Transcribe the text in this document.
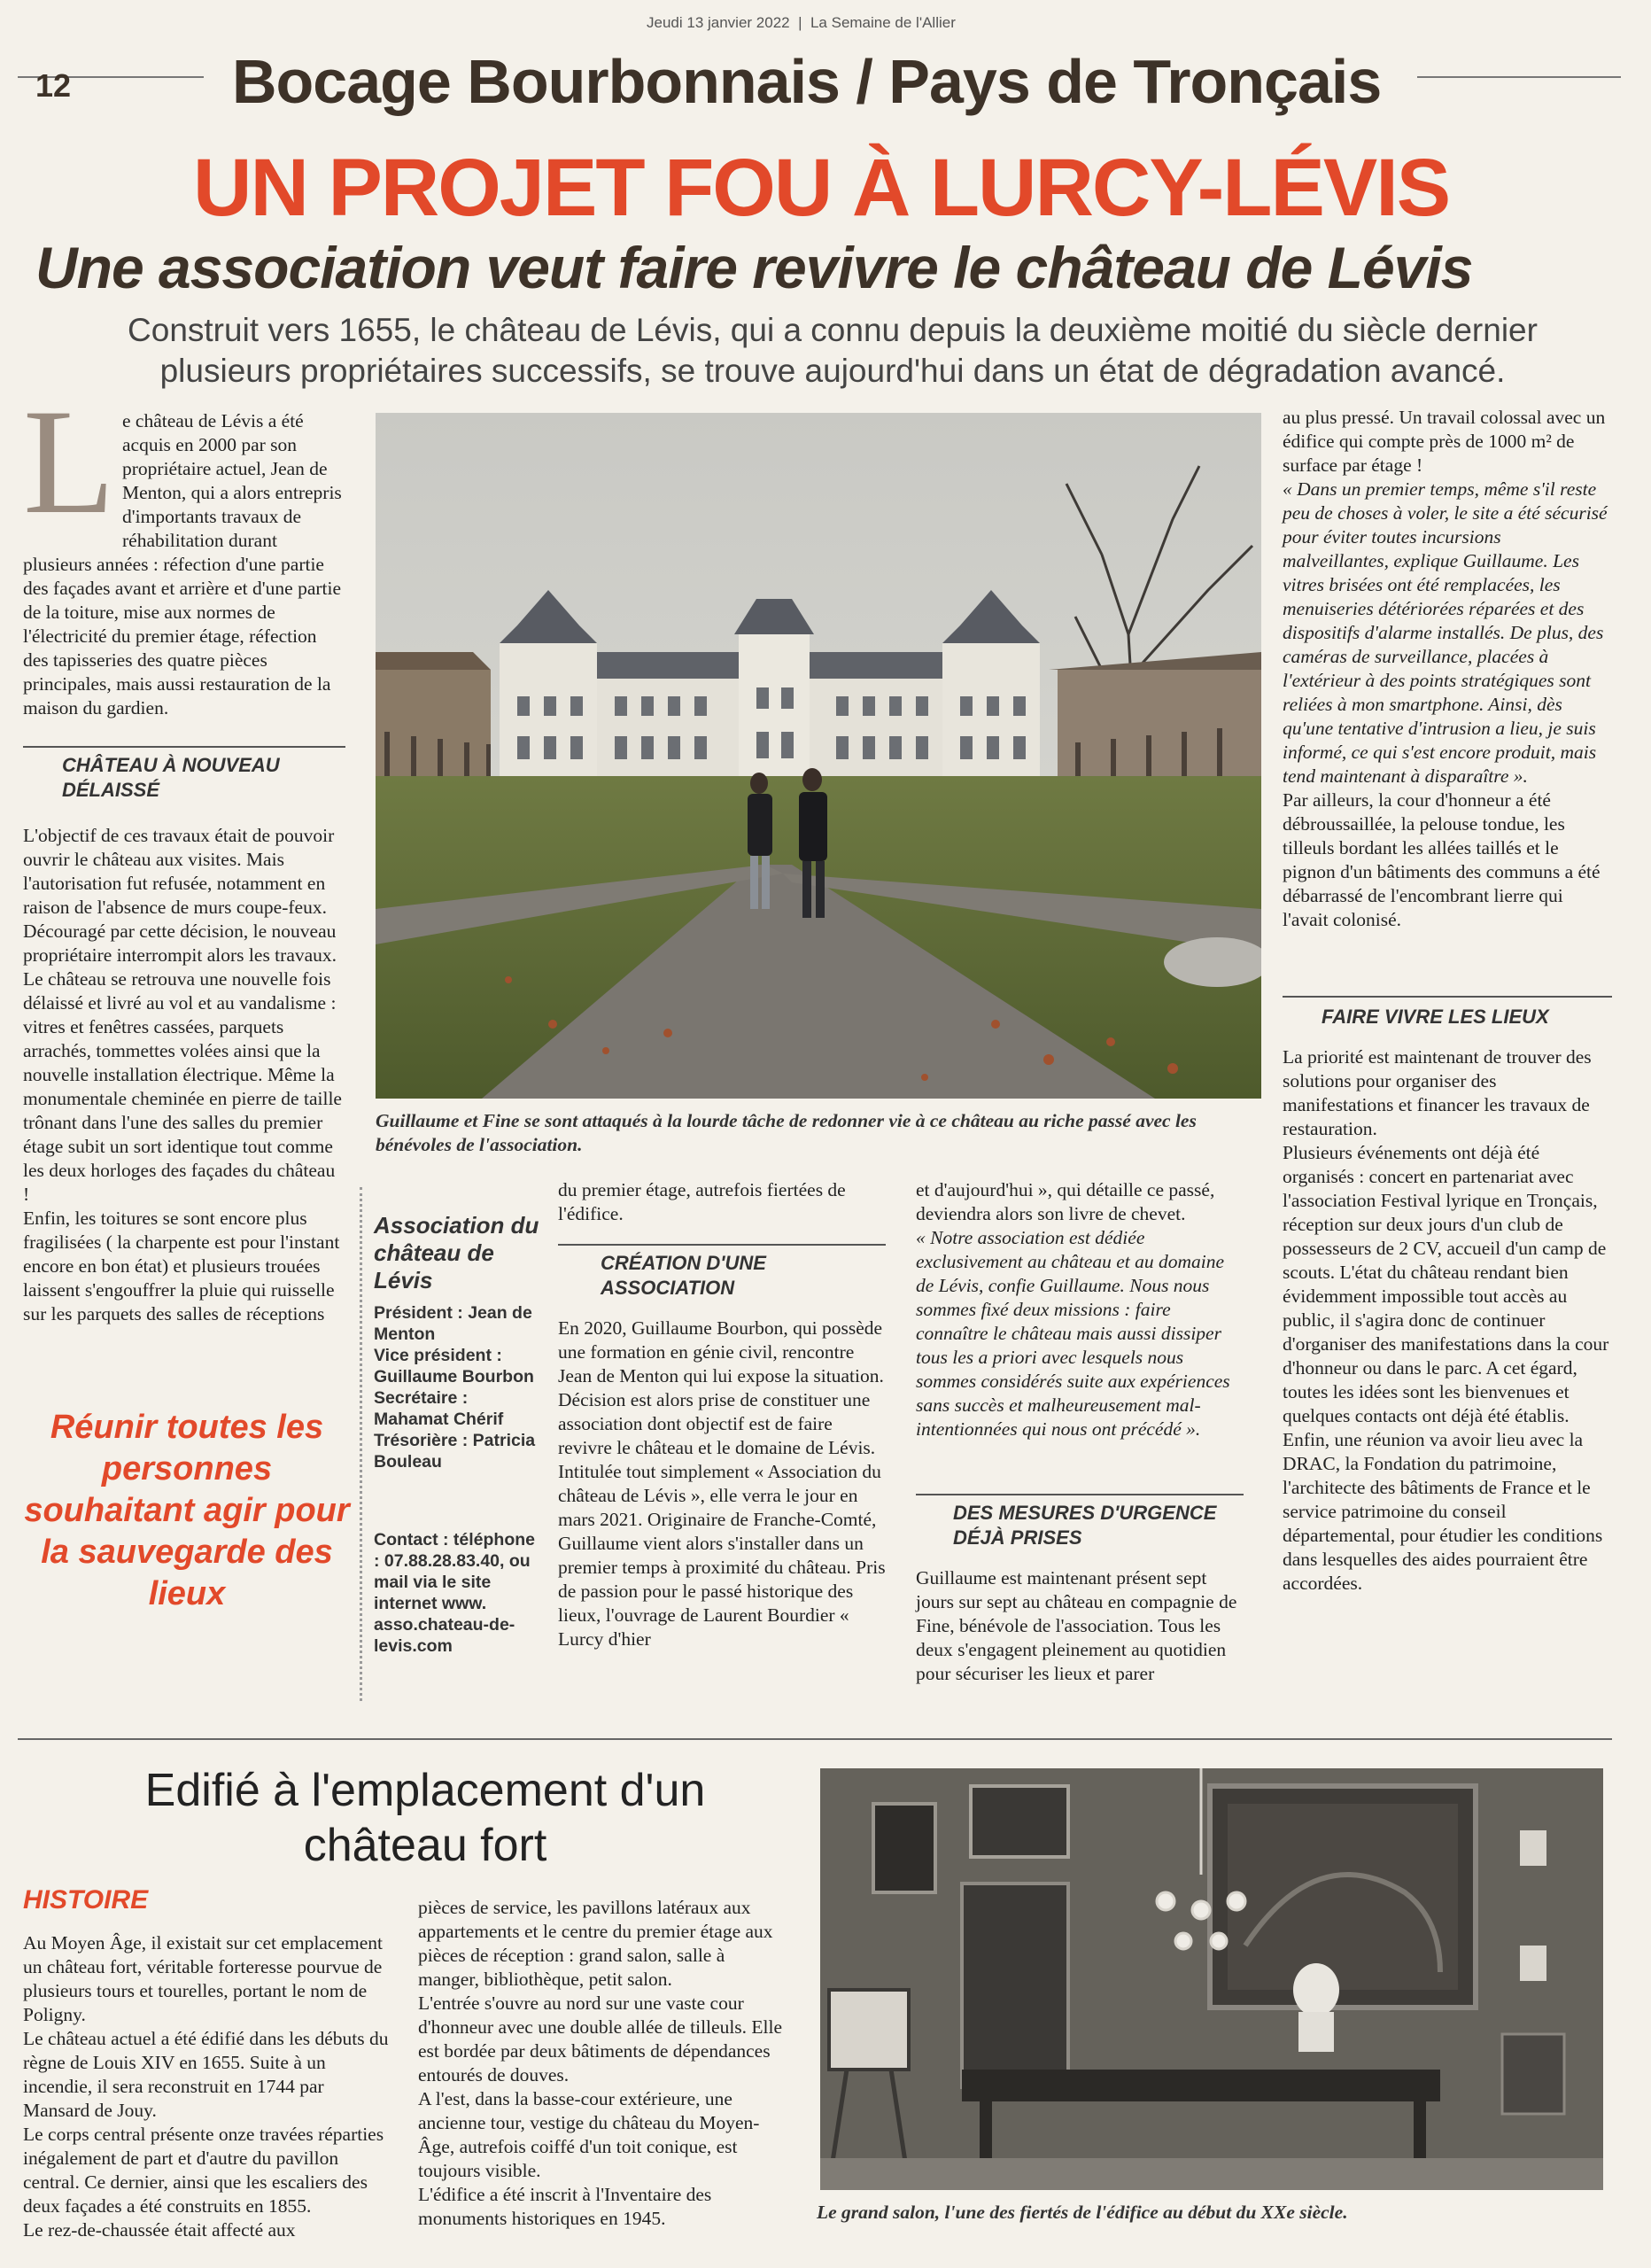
Jeudi 13 janvier 2022  |  La Semaine de l'Allier
12	Bocage Bourbonnais / Pays de Tronçais
UN PROJET FOU À LURCY-LÉVIS
Une association veut faire revivre le château de Lévis
Construit vers 1655, le château de Lévis, qui a connu depuis la deuxième moitié du siècle dernier plusieurs propriétaires successifs, se trouve aujourd'hui dans un état de dégradation avancé.
L e château de Lévis a été acquis en 2000 par son propriétaire actuel, Jean de Menton, qui a alors entrepris d'importants travaux de réhabilitation durant plusieurs années : réfection d'une partie des façades avant et arrière et d'une partie de la toiture, mise aux normes de l'électricité du premier étage, réfection des tapisseries des quatre pièces principales, mais aussi restauration de la maison du gardien.

CHÂTEAU À NOUVEAU DÉLAISSÉ

L'objectif de ces travaux était de pouvoir ouvrir le château aux visites. Mais l'autorisation fut refusée, notamment en raison de l'absence de murs coupe-feux. Découragé par cette décision, le nouveau propriétaire interrompit alors les travaux.

Le château se retrouva une nouvelle fois délaissé et livré au vol et au vandalisme : vitres et fenêtres cassées, parquets arrachés, tommettes volées ainsi que la nouvelle installation électrique. Même la monumentale cheminée en pierre de taille trônant dans l'une des salles du premier étage subit un sort identique tout comme les deux horloges des façades du château !

Enfin, les toitures se sont encore plus fragilisées ( la charpente est pour l'instant encore en bon état) et plusieurs trouées laissent s'engouffrer la pluie qui ruisselle sur les parquets des salles de réceptions

Réunir toutes les personnes souhaitant agir pour la sauvegarde des lieux
Guillaume et Fine se sont attaqués à la lourde tâche de redonner vie à ce château au riche passé avec les bénévoles de l'association.
Association du château de Lévis
Président : Jean de Menton
Vice président : Guillaume Bourbon
Secrétaire : Mahamat Chérif
Trésorière : Patricia Bouleau
Contact : téléphone : 07.88.28.83.40, ou mail via le site internet www. asso.chateau-de-levis.com

du premier étage, autrefois fiertées de l'édifice.

CRÉATION D'UNE ASSOCIATION

En 2020, Guillaume Bourbon, qui possède une formation en génie civil, rencontre Jean de Menton qui lui expose la situation. Décision est alors prise de constituer une association dont objectif est de faire revivre le château et le domaine de Lévis.

Intitulée tout simplement « Association du château de Lévis », elle verra le jour en mars 2021. Originaire de Franche-Comté, Guillaume vient alors s'installer dans un premier temps à proximité du château. Pris de passion pour le passé historique des lieux, l'ouvrage de Laurent Bourdier « Lurcy d'hier

et d'aujourd'hui », qui détaille ce passé, deviendra alors son livre de chevet.

« Notre association est dédiée exclusivement au château et au domaine de Lévis, confie Guillaume. Nous nous sommes fixé deux missions : faire connaître le château mais aussi dissiper tous les a priori avec lesquels nous sommes considérés suite aux expériences sans succès et malheureusement mal-intentionnées qui nous ont précédé ».

DES MESURES D'URGENCE DÉJÀ PRISES

Guillaume est maintenant présent sept jours sur sept au château en compagnie de Fine, bénévole de l'association. Tous les deux s'engagent pleinement au quotidien pour sécuriser les lieux et parer

au plus pressé. Un travail colossal avec un édifice qui compte près de 1000 m² de surface par étage !

« Dans un premier temps, même s'il reste peu de choses à voler, le site a été sécurisé pour éviter toutes incursions malveillantes, explique Guillaume. Les vitres brisées ont été remplacées, les menuiseries détériorées réparées et des dispositifs d'alarme installés. De plus, des caméras de surveillance, placées à l'extérieur à des points stratégiques sont reliées à mon smartphone. Ainsi, dès qu'une tentative d'intrusion a lieu, je suis informé, ce qui s'est encore produit, mais tend maintenant à disparaître ».

Par ailleurs, la cour d'honneur a été débroussaillée, la pelouse tondue, les tilleuls bordant les allées taillés et le pignon d'un bâtiments des communs a été débarrassé de l'encombrant lierre qui l'avait colonisé.

FAIRE VIVRE LES LIEUX

La priorité est maintenant de trouver des solutions pour organiser des manifestations et financer les travaux de restauration.

Plusieurs événements ont déjà été organisés : concert en partenariat avec l'association Festival lyrique en Tronçais, réception sur deux jours d'un club de possesseurs de 2 CV, accueil d'un camp de scouts. L'état du château rendant bien évidemment impossible tout accès au public, il s'agira donc de continuer d'organiser des manifestations dans la cour d'honneur ou dans le parc. A cet égard, toutes les idées sont les bienvenues et quelques contacts ont déjà été établis.

Enfin, une réunion va avoir lieu avec la DRAC, la Fondation du patrimoine, l'architecte des bâtiments de France et le service patrimoine du conseil départemental, pour étudier les conditions dans lesquelles des aides pourraient être accordées.

Edifié à l'emplacement d'un château fort
HISTOIRE

Au Moyen Âge, il existait sur cet emplacement un château fort, véritable forteresse pourvue de plusieurs tours et tourelles, portant le nom de Poligny.

Le château actuel a été édifié dans les débuts du règne de Louis XIV en 1655. Suite à un incendie, il sera reconstruit en 1744 par Mansard de Jouy.

Le corps central présente onze travées réparties inégalement de part et d'autre du pavillon central. Ce dernier, ainsi que les escaliers des deux façades a été construits en 1855.

Le rez-de-chaussée était affecté aux

pièces de service, les pavillons latéraux aux appartements et le centre du premier étage aux pièces de réception : grand salon, salle à manger, bibliothèque, petit salon.

L'entrée s'ouvre au nord sur une vaste cour d'honneur avec une double allée de tilleuls. Elle est bordée par deux bâtiments de dépendances entourés de douves.

A l'est, dans la basse-cour extérieure, une ancienne tour, vestige du château du Moyen-Âge, autrefois coiffé d'un toit conique, est toujours visible.

L'édifice a été inscrit à l'Inventaire des monuments historiques en 1945.	Le grand salon, l'une des fiertés de l'édifice au début du XXe siècle.
